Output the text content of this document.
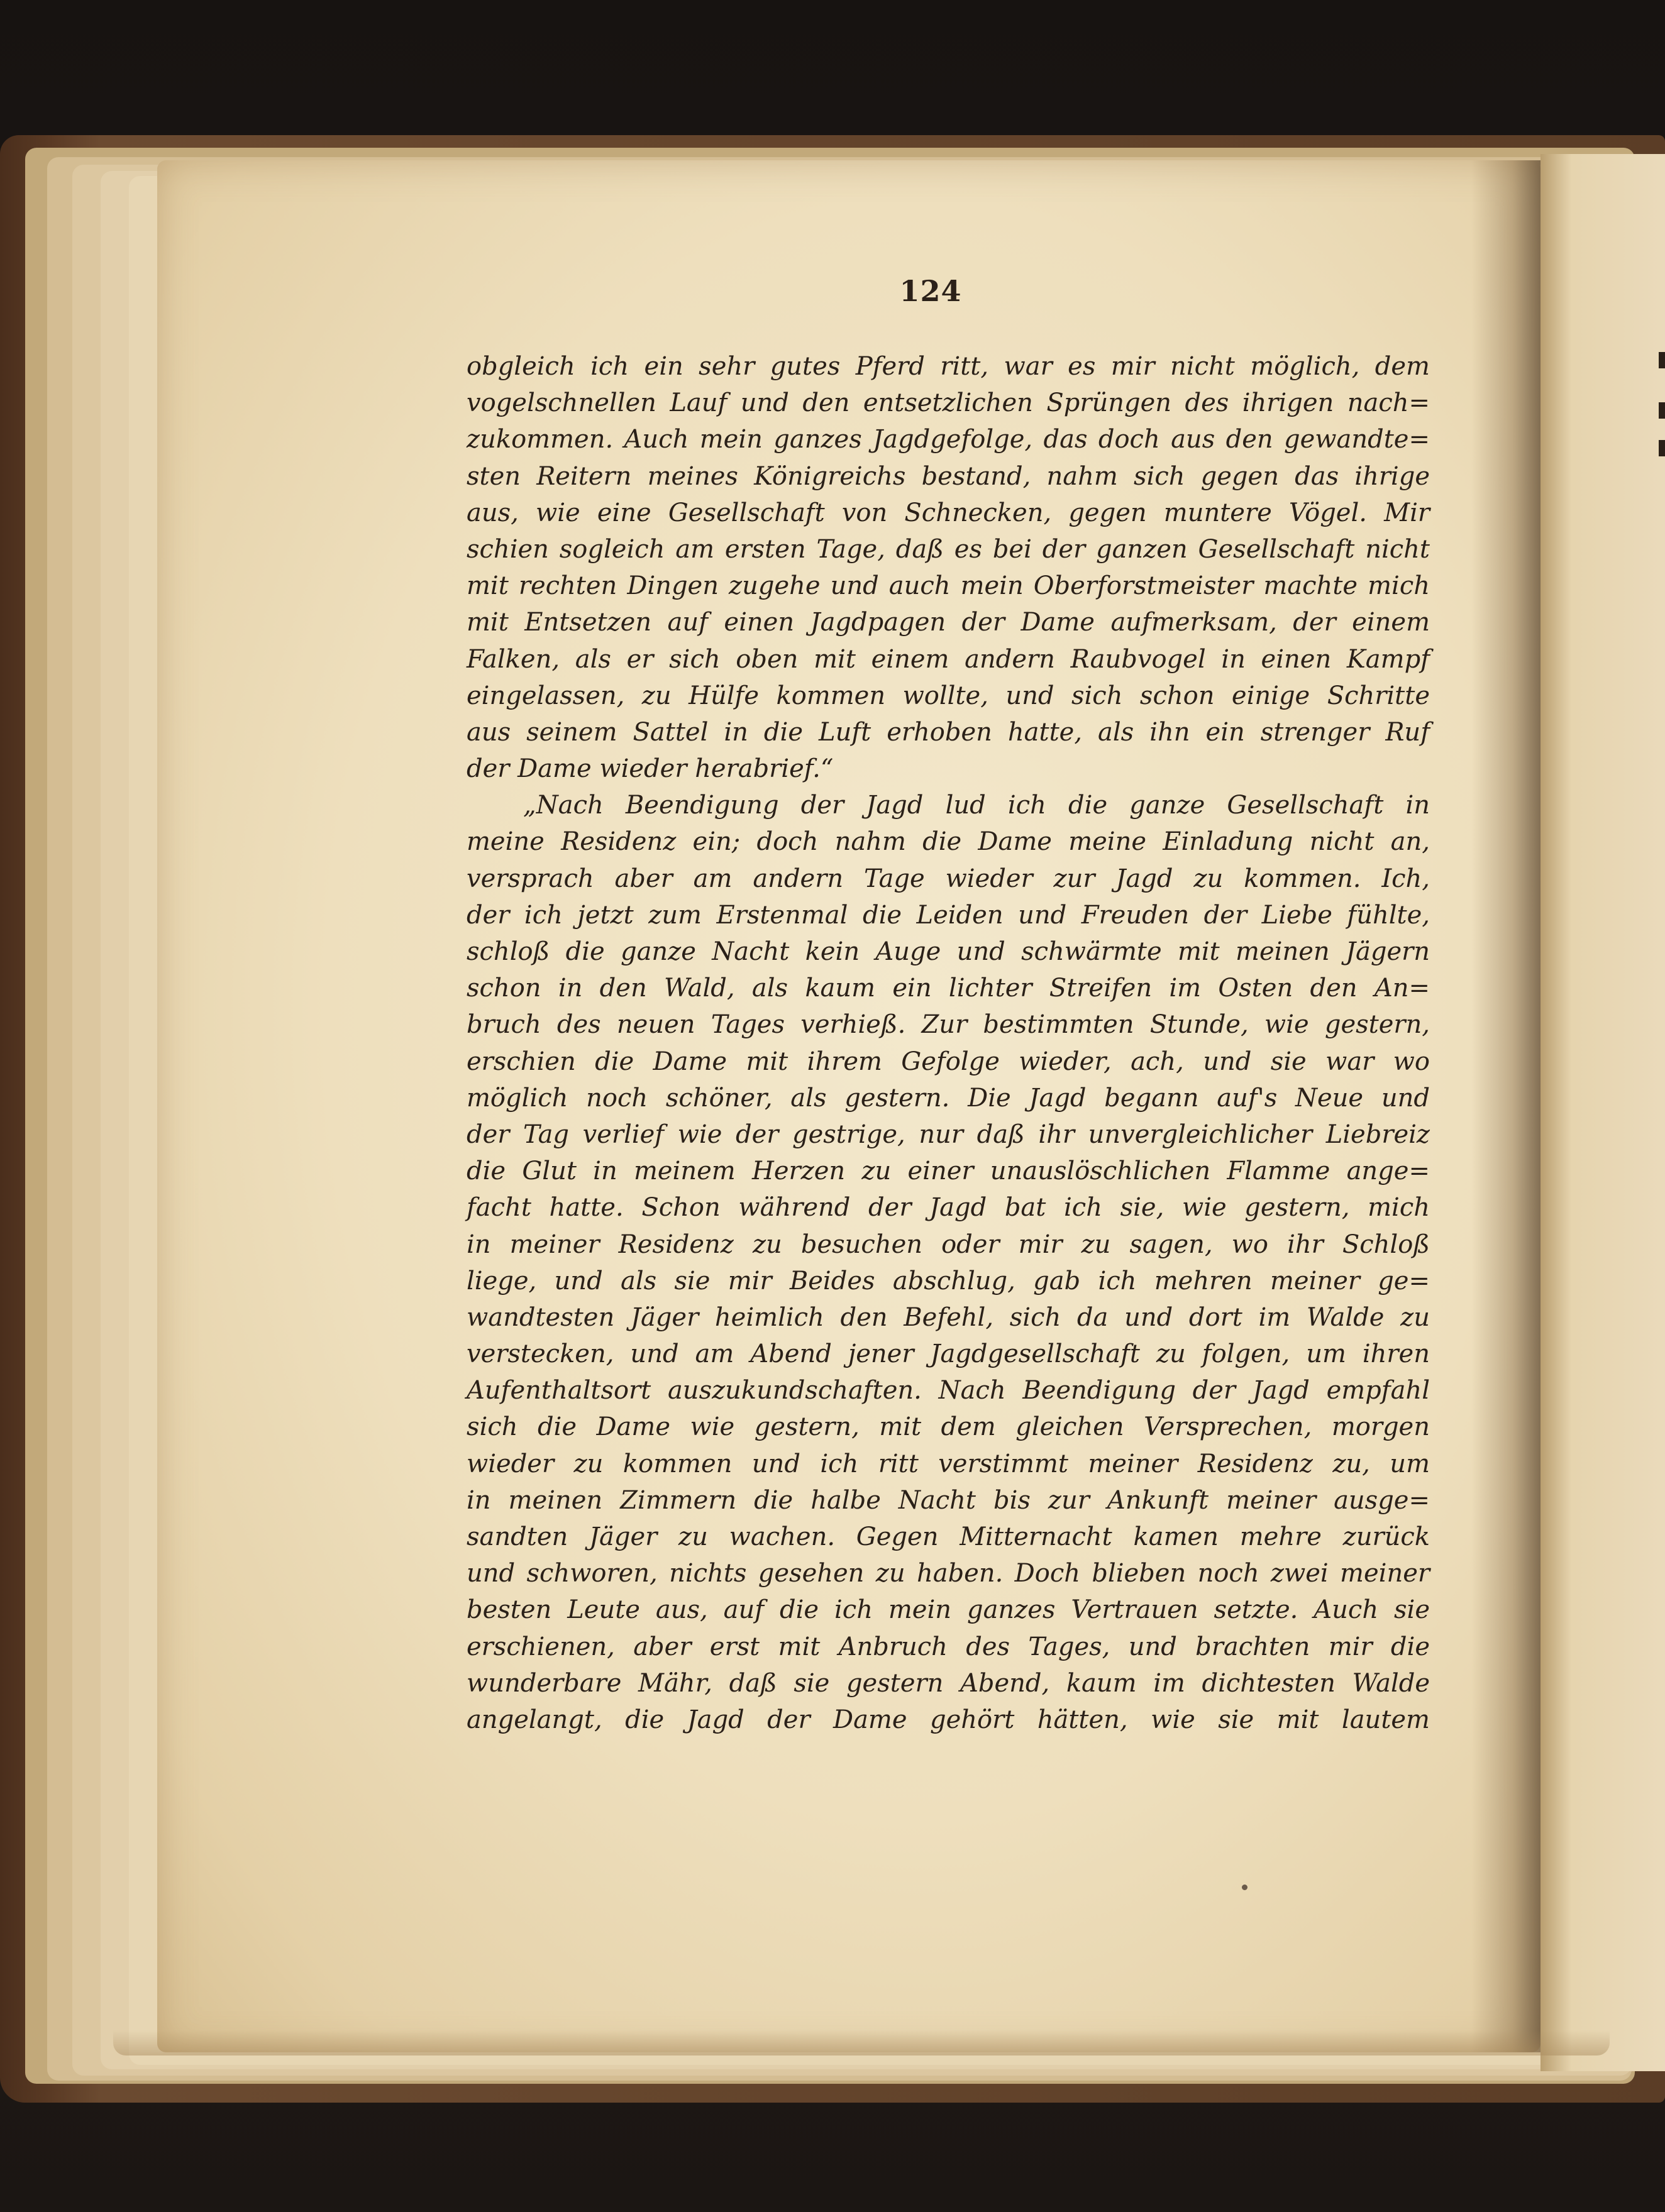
124
obgleich ich ein sehr gutes Pferd ritt, war es mir nicht möglich, dem
vogelschnellen Lauf und den entsetzlichen Sprüngen des ihrigen nach=
zukommen. Auch mein ganzes Jagdgefolge, das doch aus den gewandte=
sten Reitern meines Königreichs bestand, nahm sich gegen das ihrige
aus, wie eine Gesellschaft von Schnecken, gegen muntere Vögel. Mir
schien sogleich am ersten Tage, daß es bei der ganzen Gesellschaft nicht
mit rechten Dingen zugehe und auch mein Oberforstmeister machte mich
mit Entsetzen auf einen Jagdpagen der Dame aufmerksam, der einem
Falken, als er sich oben mit einem andern Raubvogel in einen Kampf
eingelassen, zu Hülfe kommen wollte, und sich schon einige Schritte
aus seinem Sattel in die Luft erhoben hatte, als ihn ein strenger Ruf
der Dame wieder herabrief.“
„Nach Beendigung der Jagd lud ich die ganze Gesellschaft in
meine Residenz ein; doch nahm die Dame meine Einladung nicht an,
versprach aber am andern Tage wieder zur Jagd zu kommen. Ich,
der ich jetzt zum Erstenmal die Leiden und Freuden der Liebe fühlte,
schloß die ganze Nacht kein Auge und schwärmte mit meinen Jägern
schon in den Wald, als kaum ein lichter Streifen im Osten den An=
bruch des neuen Tages verhieß. Zur bestimmten Stunde, wie gestern,
erschien die Dame mit ihrem Gefolge wieder, ach, und sie war wo
möglich noch schöner, als gestern. Die Jagd begann auf's Neue und
der Tag verlief wie der gestrige, nur daß ihr unvergleichlicher Liebreiz
die Glut in meinem Herzen zu einer unauslöschlichen Flamme ange=
facht hatte. Schon während der Jagd bat ich sie, wie gestern, mich
in meiner Residenz zu besuchen oder mir zu sagen, wo ihr Schloß
liege, und als sie mir Beides abschlug, gab ich mehren meiner ge=
wandtesten Jäger heimlich den Befehl, sich da und dort im Walde zu
verstecken, und am Abend jener Jagdgesellschaft zu folgen, um ihren
Aufenthaltsort auszukundschaften. Nach Beendigung der Jagd empfahl
sich die Dame wie gestern, mit dem gleichen Versprechen, morgen
wieder zu kommen und ich ritt verstimmt meiner Residenz zu, um
in meinen Zimmern die halbe Nacht bis zur Ankunft meiner ausge=
sandten Jäger zu wachen. Gegen Mitternacht kamen mehre zurück
und schworen, nichts gesehen zu haben. Doch blieben noch zwei meiner
besten Leute aus, auf die ich mein ganzes Vertrauen setzte. Auch sie
erschienen, aber erst mit Anbruch des Tages, und brachten mir die
wunderbare Mähr, daß sie gestern Abend, kaum im dichtesten Walde
angelangt, die Jagd der Dame gehört hätten, wie sie mit lautem
